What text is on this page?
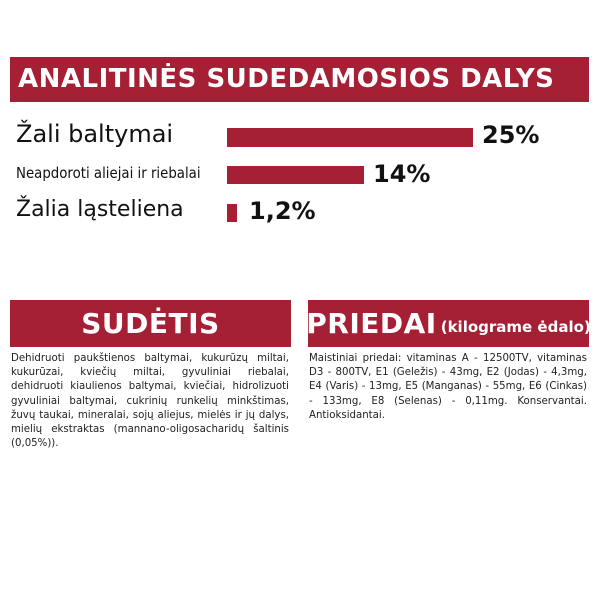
ANALITINĖS SUDEDAMOSIOS DALYS
Žali baltymai	25%
Neapdoroti aliejai ir riebalai	14%
Žalia ląsteliena	1,2%
SUDĖTIS
Dehidruoti paukštienos baltymai, kukurūzų miltai, kukurūzai, kviečių miltai, gyvuliniai riebalai, dehidruoti kiaulienos baltymai, kviečiai, hidrolizuoti gyvuliniai baltymai, cukrinių runkelių minkštimas, žuvų taukai, mineralai, sojų aliejus, mielės ir jų dalys, mielių ekstraktas (mannano-oligosacharidų šaltinis (0,05%)).
PRIEDAI (kilograme ėdalo)
Maistiniai priedai: vitaminas A - 12500TV, vitaminas D3 - 800TV, E1 (Geležis) - 43mg, E2 (Jodas) - 4,3mg, E4 (Varis) - 13mg, E5 (Manganas) - 55mg, E6 (Cinkas) - 133mg, E8 (Selenas) - 0,11mg. Konservantai. Antioksidantai.
